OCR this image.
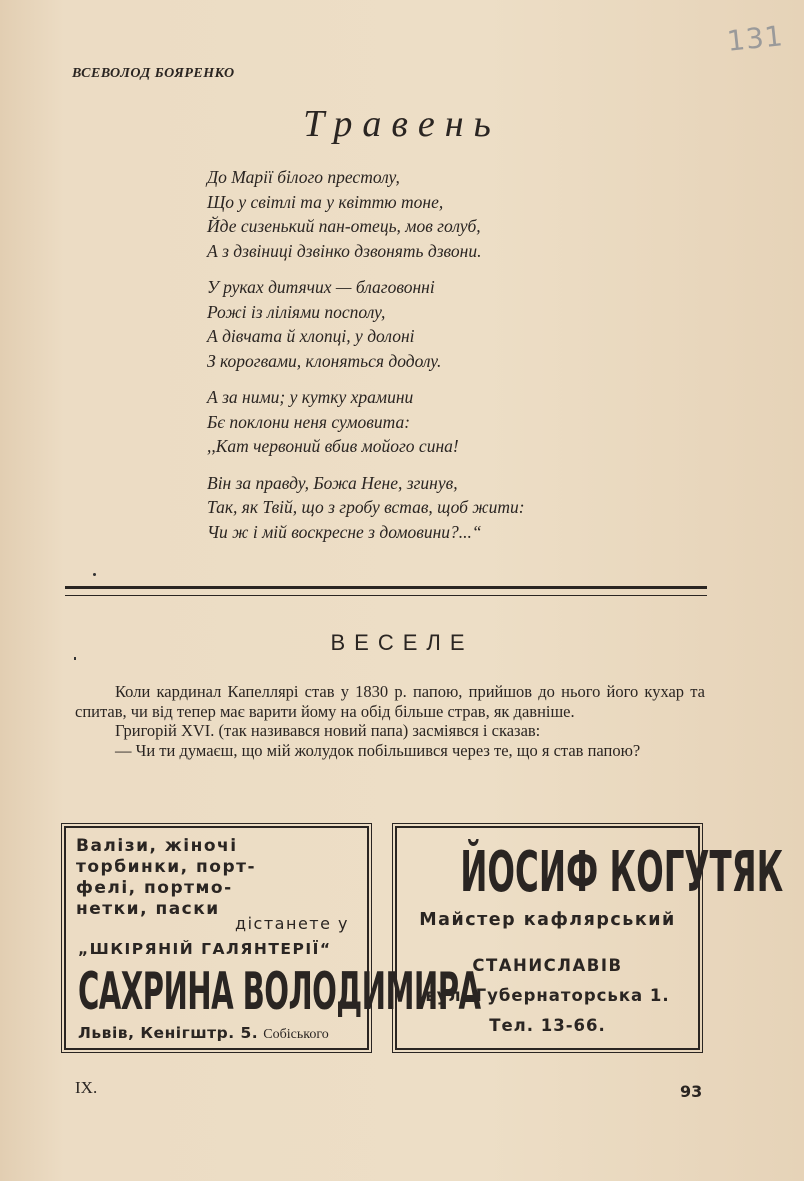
131
ВСЕВОЛОД БОЯРЕНКО
Травень
До Марії білого престолу,
Що у світлі та у квіттю тоне,
Йде сизенький пан-отець, мов голуб,
А з дзвіниці дзвінко дзвонять дзвони.
У руках дитячих — благовонні
Рожі із ліліями посполу,
А дівчата й хлопці, у долоні
З корогвами, клоняться додолу.
А за ними; у кутку храмини
Бє поклони неня сумовита:
,,Кат червоний вбив мойого сина!
Він за правду, Божа Нене, згинув,
Так, як Твій, що з гробу встав, щоб жити:
Чи ж і мій воскресне з домовини?...“
ВЕСЕЛЕ

Коли кардинал Капеллярі став у 1830 р. папою, прийшов до нього його кухар та спитав, чи від тепер має варити йому на обід більше страв, як давніше.

Григорій XVI. (так називався новий папа) засміявся і сказав:

— Чи ти думаєш, що мій жолудок побільшився через те, що я став папою?

Валізи, жіночі
торбинки, порт-
фелі, портмо-
нетки, паски
дістанете у
„ШКІРЯНІЙ ГАЛЯНТЕРІЇ“
САХРИНА ВОЛОДИМИРА
Львів, Кенігштр. 5. Собіського
ЙОСИФ КОГУТЯК
Майстер кафлярський
СТАНИСЛАВІВ
вул. Губернаторська 1.
Тел. 13-66.
IX.	93
